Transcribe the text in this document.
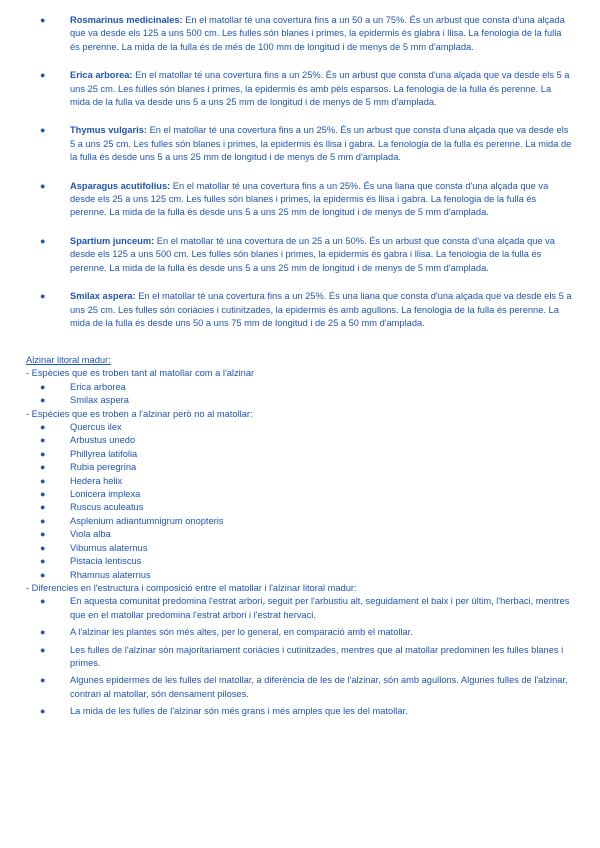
●	Rosmarinus medicinales: En el matollar té una covertura fins a un 50 a un 75%. És un arbust que consta d'una alçada que va desde els 125 a uns 500 cm. Les fulles són blanes i primes, la epidermis és glabra i llisa. La fenologia de la fulla és perenne. La mida de la fulla és de més de 100 mm de longitud i de menys de 5 mm d'amplada.
●	Erica arborea: En el matollar té una covertura fins a un 25%. És un arbust que consta d'una alçada que va desde els 5 a uns 25 cm. Les fulles són blanes i primes, la epidermis és amb pèls esparsos. La fenologia de la fulla és perenne. La mida de la fulla va desde uns 5 a uns 25 mm de longitud i de menys de 5 mm d'amplada.
●	Thymus vulgaris: En el matollar té una covertura fins a un 25%. És un arbust que consta d'una alçada que va desde els 5 a uns 25 cm. Les fulles són blanes i primes, la epidermis és llisa i gabra. La fenologia de la fulla és perenne. La mida de la fulla és desde uns 5 a uns 25 mm de longitud i de menys de 5 mm d'amplada.
●	Asparagus acutifolius: En el matollar té una covertura fins a un 25%. És una liana que consta d'una alçada que va desde els 25 a uns 125 cm. Les fulles són blanes i primes, la epidermis és llisa i gabra. La fenologia de la fulla és perenne. La mida de la fulla és desde uns 5 a uns 25 mm de longitud i de menys de 5 mm d'amplada.
●	Spartium junceum: En el matollar té una covertura de un 25 a un 50%. És un arbust que consta d'una alçada que va desde els 125 a uns 500 cm. Les fulles són blanes i primes, la epidermis és gabra i llisa. La fenologia de la fulla és perenne. La mida de la fulla és desde uns 5 a uns 25 mm de longitud i de menys de 5 mm d'amplada.
●	Smilax aspera: En el matollar té una covertura fins a un 25%. És una liana que consta d'una alçada que va desde els 5 a uns 25 cm. Les fulles són coriàcies i cutinitzades, la epidermis és amb agullons. La fenologia de la fulla és perenne. La mida de la fulla és desde uns 50 a uns 75 mm de longitud i de 25 a 50 mm d'amplada.
Alzinar litoral madur:
- Espècies que es troben tant al matollar com a l'alzinar
●	Erica arborea
●	Smilax aspera
- Espècies que es troben a l'alzinar però no al matollar:
●	Quercus ilex
●	Arbustus unedo
●	Phillyrea latifolia
●	Rubia peregrina
●	Hedera helix
●	Lonicera implexa
●	Ruscus aculeatus
●	Asplenium adiantumnigrum onopteris
●	Viola alba
●	Viburnus alaternus
●	Pistacia lentiscus
●	Rhamnus alaternus
- Diferencies en l'estructura i composició entre el matollar i l'alzinar litoral madur:
●	En aquesta comunitat predomina l'estrat arbori, seguit per l'arbustiu alt, seguidament el baix i per últim, l'herbaci, mentres que en el matollar predomina l'estrat arbori i l'estrat hervaci.
●	A l'alzinar les plantes són més altes, per lo general, en comparació amb el matollar.
●	Les fulles de l'alzinar són majoritariament coriàcies i cutinitzades, mentres que al matollar predominen les fulles blanes i primes.
●	Algunes epidermes de les fulles del matollar, a diferència de les de l'alzinar, són amb agullons. Algunes fulles de l'alzinar, contrari al matollar, són densament piloses.
●	La mida de les fulles de l'alzinar són més grans i més amples que les del matollar.
